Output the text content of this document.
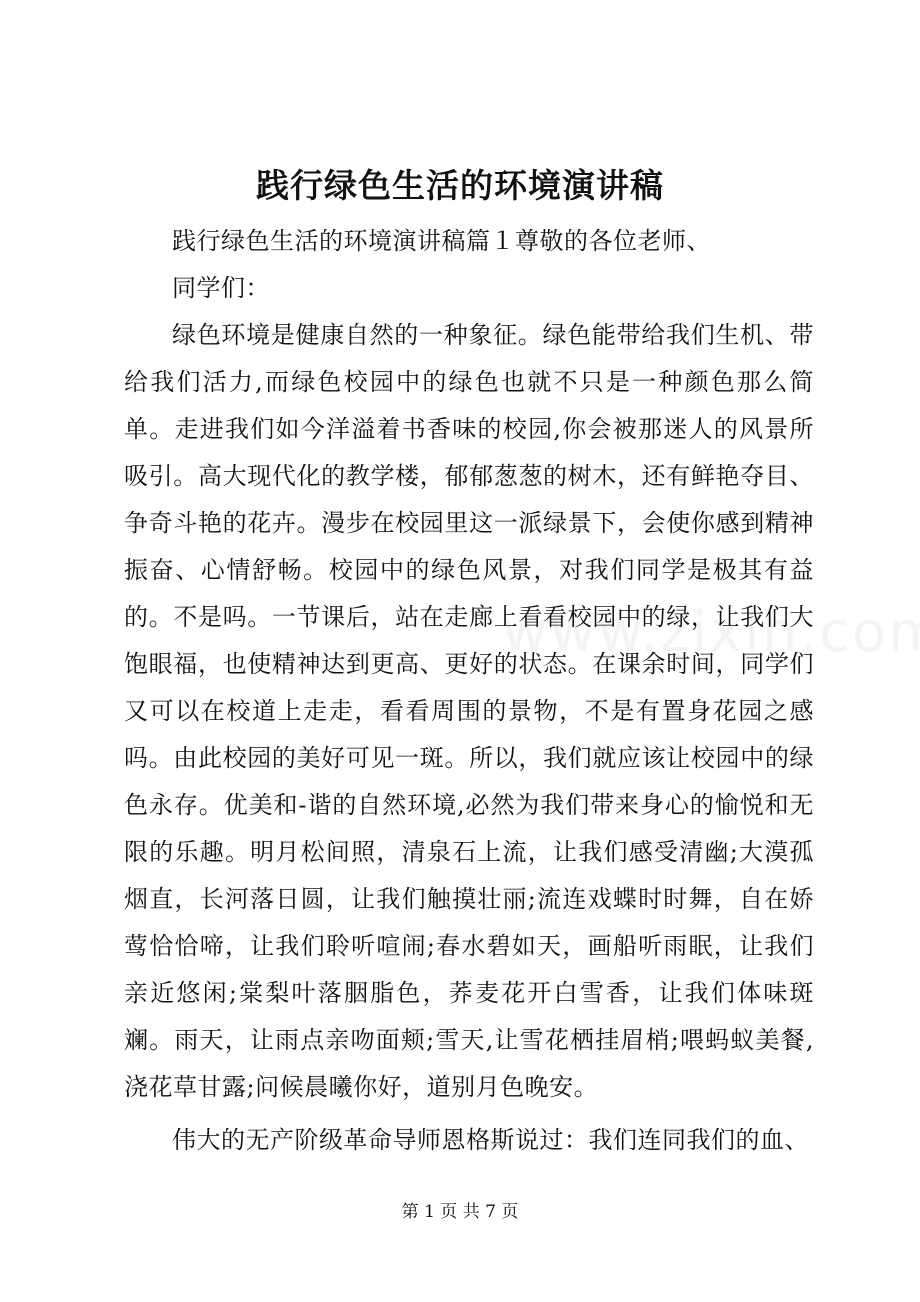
践行绿色生活的环境演讲稿

践行绿色生活的环境演讲稿篇１尊敬的各位老师、

同学们：

绿色环境是健康自然的一种象征。绿色能带给我们生机、带给我们活力,而绿色校园中的绿色也就不只是一种颜色那么简单。走进我们如今洋溢着书香味的校园,你会被那迷人的风景所吸引。高大现代化的教学楼，郁郁葱葱的树木，还有鲜艳夺目、争奇斗艳的花卉。漫步在校园里这一派绿景下，会使你感到精神振奋、心情舒畅。校园中的绿色风景，对我们同学是极其有益的。不是吗。一节课后，站在走廊上看看校园中的绿，让我们大饱眼福，也使精神达到更高、更好的状态。在课余时间，同学们又可以在校道上走走，看看周围的景物，不是有置身花园之感吗。由此校园的美好可见一斑。所以，我们就应该让校园中的绿色永存。优美和-谐的自然环境,必然为我们带来身心的愉悦和无限的乐趣。明月松间照，清泉石上流，让我们感受清幽;大漠孤烟直，长河落日圆，让我们触摸壮丽;流连戏蝶时时舞，自在娇莺恰恰啼，让我们聆听喧闹;春水碧如天，画船听雨眠，让我们亲近悠闲;棠梨叶落胭脂色，荞麦花开白雪香，让我们体味斑斓。雨天，让雨点亲吻面颊;雪天,让雪花栖挂眉梢;喂蚂蚁美餐,浇花草甘露;问候晨曦你好，道别月色晚安。

伟大的无产阶级革命导师恩格斯说过：我们连同我们的血、

第 1 页 共 7 页
